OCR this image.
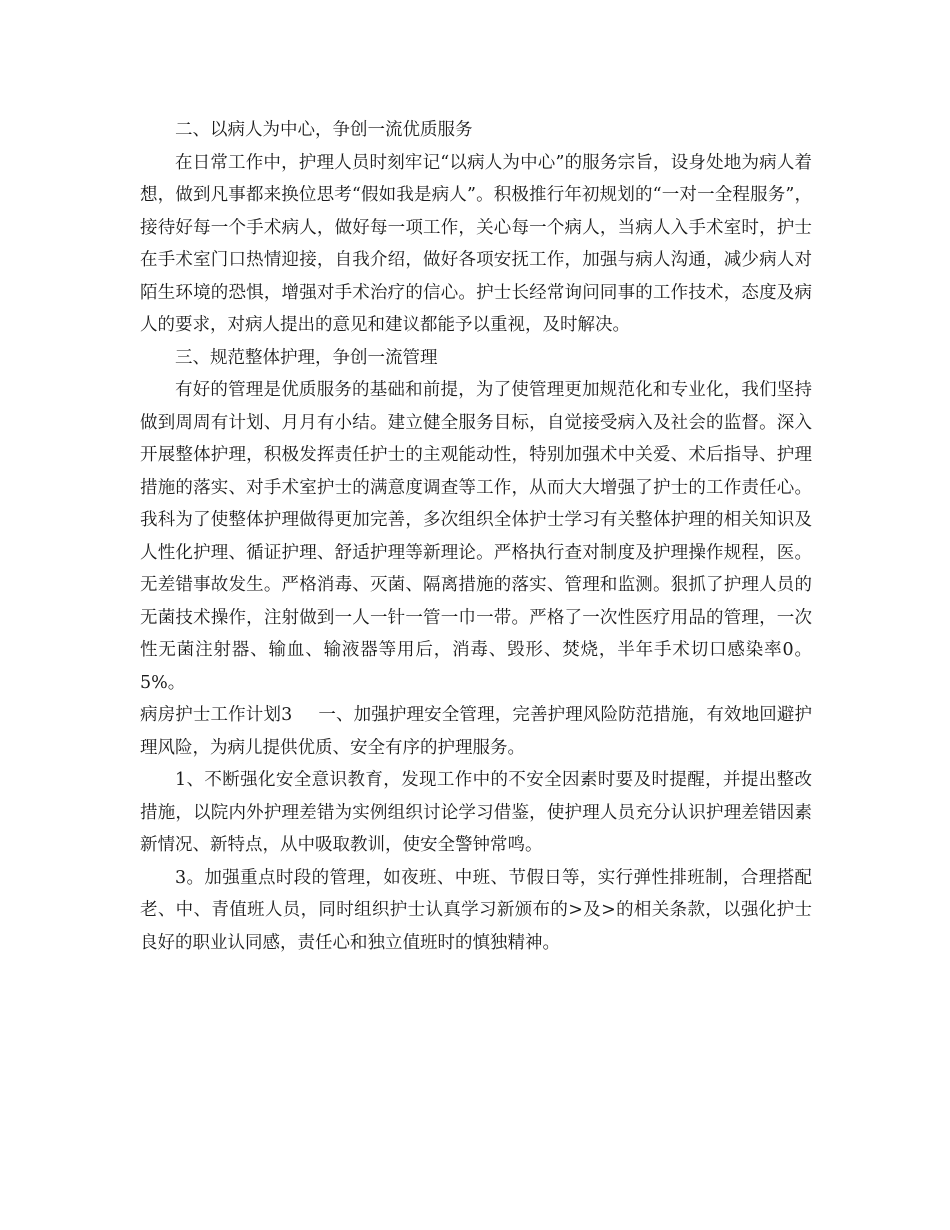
二、以病人为中心，争创一流优质服务

在日常工作中，护理人员时刻牢记“以病人为中心”的服务宗旨，设身处地为病人着想，做到凡事都来换位思考“假如我是病人”。积极推行年初规划的“一对一全程服务”，接待好每一个手术病人，做好每一项工作，关心每一个病人，当病人入手术室时，护士在手术室门口热情迎接，自我介绍，做好各项安抚工作，加强与病人沟通，减少病人对陌生环境的恐惧，增强对手术治疗的信心。护士长经常询问同事的工作技术，态度及病人的要求，对病人提出的意见和建议都能予以重视，及时解决。

三、规范整体护理，争创一流管理

有好的管理是优质服务的基础和前提，为了使管理更加规范化和专业化，我们坚持做到周周有计划、月月有小结。建立健全服务目标，自觉接受病入及社会的监督。深入开展整体护理，积极发挥责任护士的主观能动性，特别加强术中关爱、术后指导、护理措施的落实、对手术室护士的满意度调查等工作，从而大大增强了护士的工作责任心。我科为了使整体护理做得更加完善，多次组织全体护士学习有关整体护理的相关知识及人性化护理、循证护理、舒适护理等新理论。严格执行查对制度及护理操作规程，医。无差错事故发生。严格消毒、灭菌、隔离措施的落实、管理和监测。狠抓了护理人员的无菌技术操作，注射做到一人一针一管一巾一带。严格了一次性医疗用品的管理，一次性无菌注射器、输血、输液器等用后，消毒、毁形、焚烧，半年手术切口感染率0。5%。

病房护士工作计划3 一、加强护理安全管理，完善护理风险防范措施，有效地回避护理风险，为病儿提供优质、安全有序的护理服务。

1、不断强化安全意识教育，发现工作中的不安全因素时要及时提醒，并提出整改措施，以院内外护理差错为实例组织讨论学习借鉴，使护理人员充分认识护理差错因素新情况、新特点，从中吸取教训，使安全警钟常鸣。

3。加强重点时段的管理，如夜班、中班、节假日等，实行弹性排班制，合理搭配老、中、青值班人员，同时组织护士认真学习新颁布的>及>的相关条款，以强化护士良好的职业认同感，责任心和独立值班时的慎独精神。
